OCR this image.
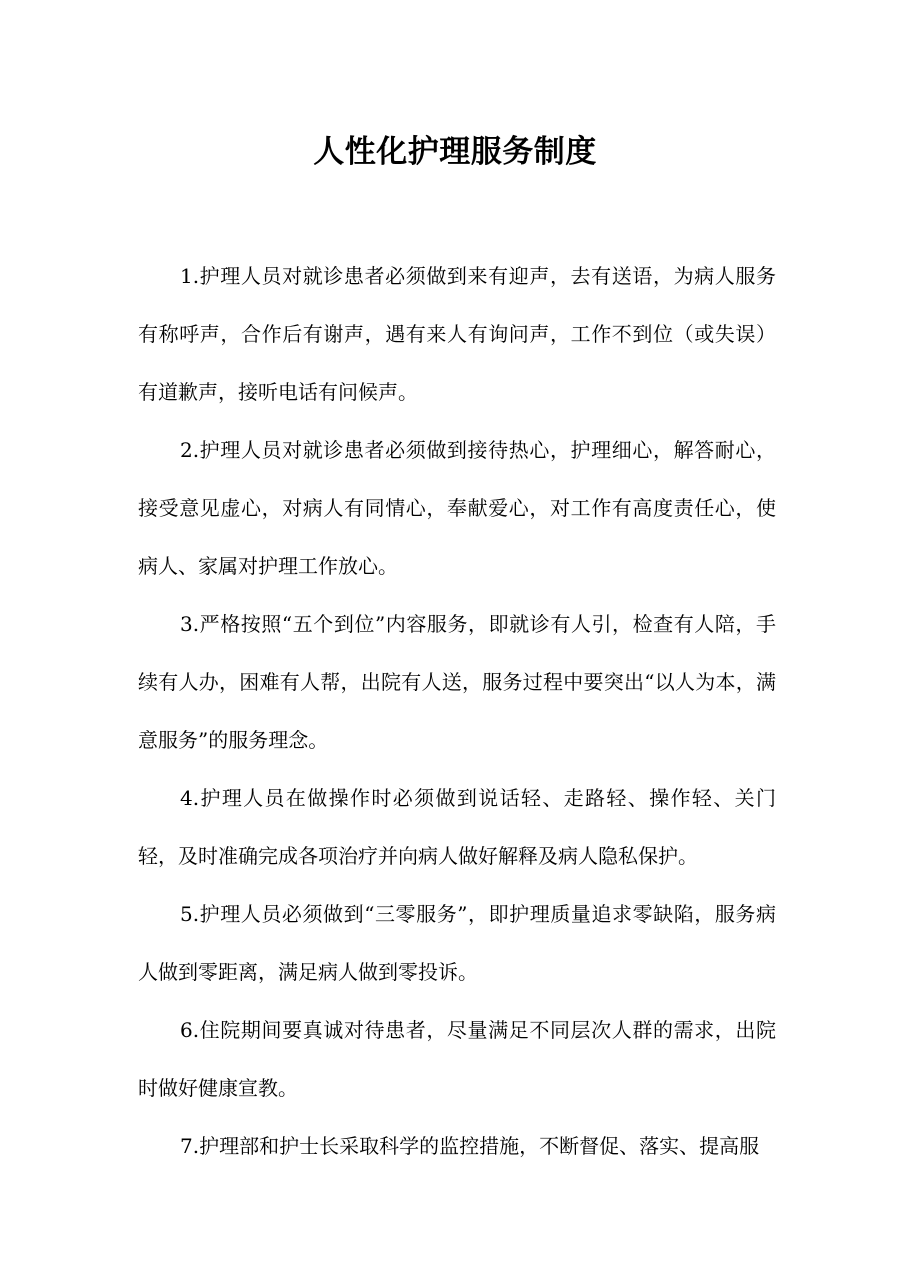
人性化护理服务制度

1.护理人员对就诊患者必须做到来有迎声，去有送语，为病人服务有称呼声，合作后有谢声，遇有来人有询问声，工作不到位（或失误）有道歉声，接听电话有问候声。

2.护理人员对就诊患者必须做到接待热心，护理细心，解答耐心，接受意见虚心，对病人有同情心，奉献爱心，对工作有高度责任心，使病人、家属对护理工作放心。

3.严格按照“五个到位”内容服务，即就诊有人引，检查有人陪，手续有人办，困难有人帮，出院有人送，服务过程中要突出“以人为本，满意服务”的服务理念。

4.护理人员在做操作时必须做到说话轻、走路轻、操作轻、关门轻，及时准确完成各项治疗并向病人做好解释及病人隐私保护。

5.护理人员必须做到“三零服务”，即护理质量追求零缺陷，服务病人做到零距离，满足病人做到零投诉。

6.住院期间要真诚对待患者，尽量满足不同层次人群的需求，出院时做好健康宣教。

7.护理部和护士长采取科学的监控措施，不断督促、落实、提高服
